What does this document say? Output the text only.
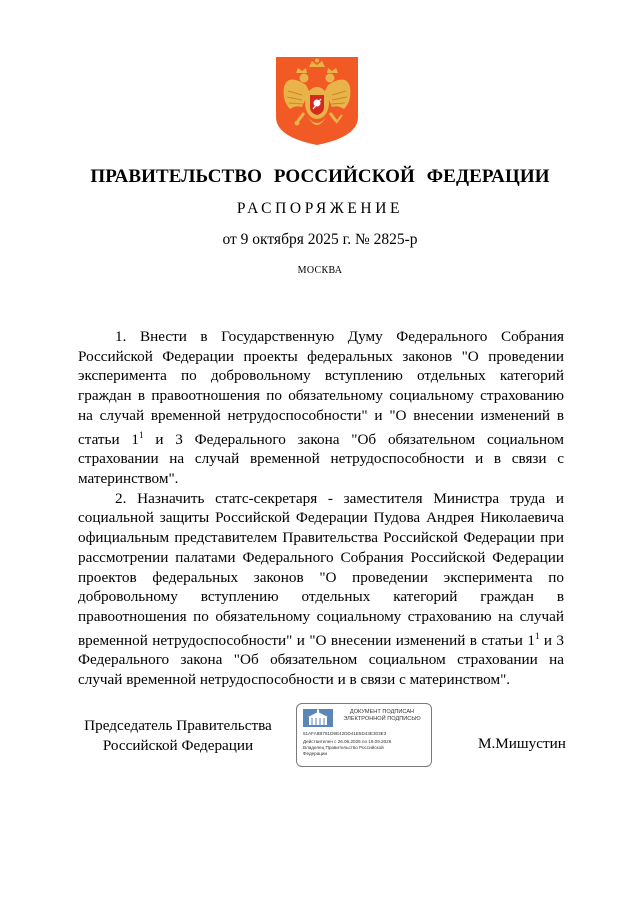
ПРАВИТЕЛЬСТВО РОССИЙСКОЙ ФЕДЕРАЦИИ
РАСПОРЯЖЕНИЕ
от 9 октября 2025 г. № 2825-р
МОСКВА

1. Внести в Государственную Думу Федерального Собрания Российской Федерации проекты федеральных законов "О проведении эксперимента по добровольному вступлению отдельных категорий граждан в правоотношения по обязательному социальному страхованию на случай временной нетрудоспособности" и "О внесении изменений в статьи $1^1$ и 3 Федерального закона "Об обязательном социальном страховании на случай временной нетрудоспособности и в связи с материнством".

2. Назначить статс-секретаря - заместителя Министра труда и социальной защиты Российской Федерации Пудова Андрея Николаевича официальным представителем Правительства Российской Федерации при рассмотрении палатами Федерального Собрания Российской Федерации проектов федеральных законов "О проведении эксперимента по добровольному вступлению отдельных категорий граждан в правоотношения по обязательному социальному страхованию на случай временной нетрудоспособности" и "О внесении изменений в статьи $1^1$ и 3 Федерального закона "Об обязательном социальном страховании на случай временной нетрудоспособности и в связи с материнством".

Председатель Правительства
Российской Федерации
ДОКУМЕНТ ПОДПИСАН
ЭЛЕКТРОННОЙ ПОДПИСЬЮ
51AFA8B781D9E42DD41E5D43E303E3
Действителен с 26.06.2025 по 19.09.2026
Владелец Правительство Российской
Федерации
М.Мишустин
